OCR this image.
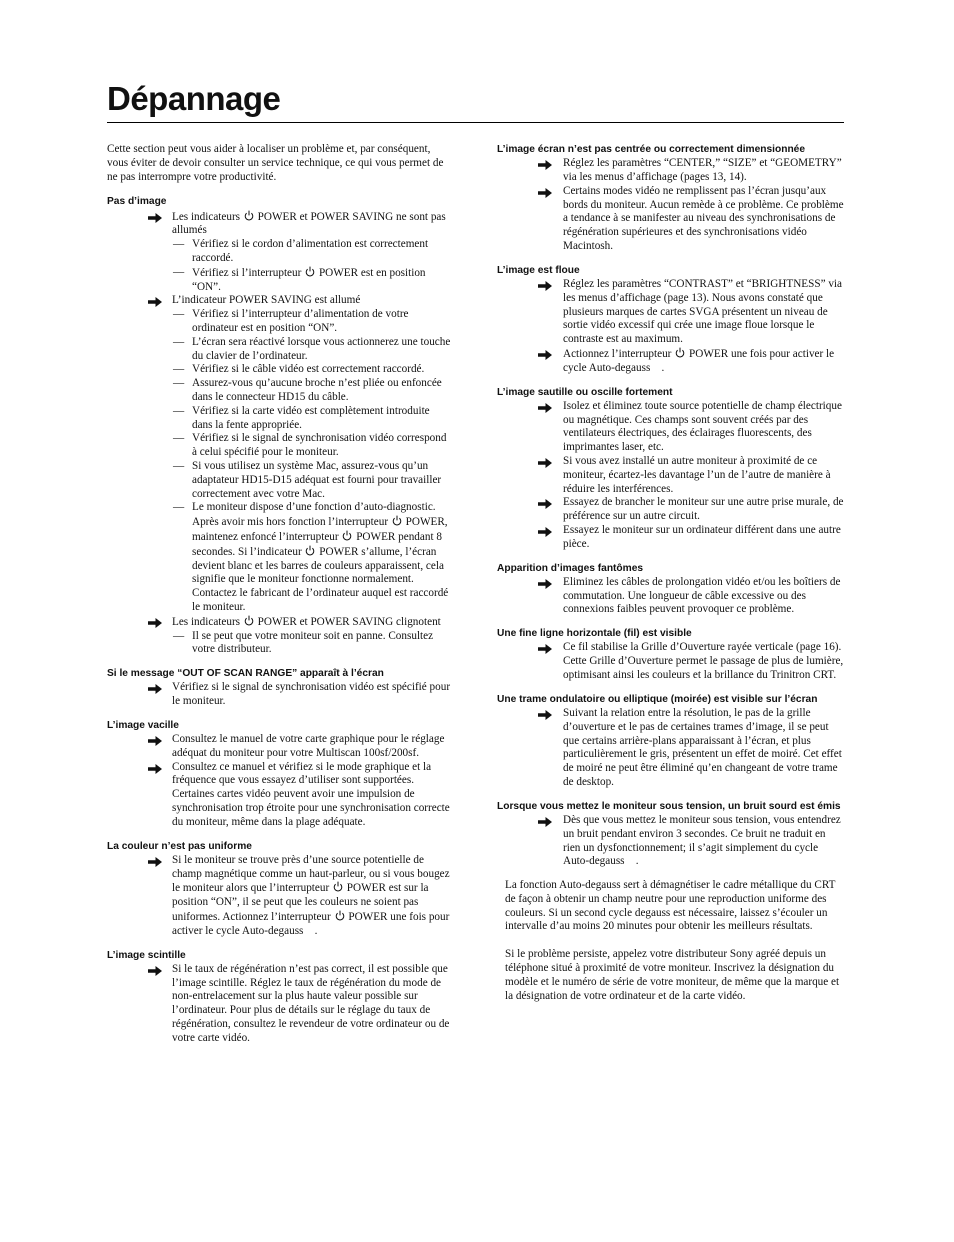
Dépannage

Cette section peut vous aider à localiser un problème et, par conséquent, vous éviter de devoir consulter un service technique, ce qui vous permet de ne pas interrompre votre productivité.

Pas d’image

Les indicateurs  POWER et POWER SAVING ne sont pas allumés

— Vérifiez si le cordon d’alimentation est correctement raccordé.

— Vérifiez si l’interrupteur  POWER est en position “ON”.

L’indicateur POWER SAVING est allumé

— Vérifiez si l’interrupteur d’alimentation de votre ordinateur est en position “ON”.

— L’écran sera réactivé lorsque vous actionnerez une touche du clavier de l’ordinateur.

— Vérifiez si le câble vidéo est correctement raccordé.

— Assurez-vous qu’aucune broche n’est pliée ou enfoncée dans le connecteur HD15 du câble.

— Vérifiez si la carte vidéo est complètement introduite dans la fente appropriée.

— Vérifiez si le signal de synchronisation vidéo correspond à celui spécifié pour le moniteur.

— Si vous utilisez un système Mac, assurez-vous qu’un adaptateur HD15-D15 adéquat est fourni pour travailler correctement avec votre Mac.

— Le moniteur dispose d’une fonction d’auto-diagnostic. Après avoir mis hors fonction l’interrupteur  POWER, maintenez enfoncé l’interrupteur  POWER pendant 8 secondes. Si l’indicateur  POWER s’allume, l’écran devient blanc et les barres de couleurs apparaissent, cela signifie que le moniteur fonctionne normalement. Contactez le fabricant de l’ordinateur auquel est raccordé le moniteur.

Les indicateurs  POWER et POWER SAVING clignotent

— Il se peut que votre moniteur soit en panne. Consultez votre distributeur.

Si le message “OUT OF SCAN RANGE” apparaît à l’écran

Vérifiez si le signal de synchronisation vidéo est spécifié pour le moniteur.

L’image vacille

Consultez le manuel de votre carte graphique pour le réglage adéquat du moniteur pour votre Multiscan 100sf/200sf.

Consultez ce manuel et vérifiez si le mode graphique et la fréquence que vous essayez d’utiliser sont supportées. Certaines cartes vidéo peuvent avoir une impulsion de synchronisation trop étroite pour une synchronisation correcte du moniteur, même dans la plage adéquate.

La couleur n’est pas uniforme

Si le moniteur se trouve près d’une source potentielle de champ magnétique comme un haut-parleur, ou si vous bougez le moniteur alors que l’interrupteur  POWER est sur la position “ON”, il se peut que les couleurs ne soient pas uniformes. Actionnez l’interrupteur  POWER une fois pour activer le cycle Auto-degauss .

L’image scintille

Si le taux de régénération n’est pas correct, il est possible que l’image scintille. Réglez le taux de régénération du mode de non-entrelacement sur la plus haute valeur possible sur l’ordinateur. Pour plus de détails sur le réglage du taux de régénération, consultez le revendeur de votre ordinateur ou de votre carte vidéo.

L’image écran n’est pas centrée ou correctement dimensionnée

Réglez les paramètres “CENTER,” “SIZE” et “GEOMETRY” via les menus d’affichage (pages 13, 14).

Certains modes vidéo ne remplissent pas l’écran jusqu’aux bords du moniteur. Aucun remède à ce problème. Ce problème a tendance à se manifester au niveau des synchronisations de régénération supérieures et des synchronisations vidéo Macintosh.

L’image est floue

Réglez les paramètres “CONTRAST” et “BRIGHTNESS” via les menus d’affichage (page 13). Nous avons constaté que plusieurs marques de cartes SVGA présentent un niveau de sortie vidéo excessif qui crée une image floue lorsque le contraste est au maximum.

Actionnez l’interrupteur  POWER une fois pour activer le cycle Auto-degauss .

L’image sautille ou oscille fortement

Isolez et éliminez toute source potentielle de champ électrique ou magnétique. Ces champs sont souvent créés par des ventilateurs électriques, des éclairages fluorescents, des imprimantes laser, etc.

Si vous avez installé un autre moniteur à proximité de ce moniteur, écartez-les davantage l’un de l’autre de manière à réduire les interférences.

Essayez de brancher le moniteur sur une autre prise murale, de préférence sur un autre circuit.

Essayez le moniteur sur un ordinateur différent dans une autre pièce.

Apparition d’images fantômes

Eliminez les câbles de prolongation vidéo et/ou les boîtiers de commutation. Une longueur de câble excessive ou des connexions faibles peuvent provoquer ce problème.

Une fine ligne horizontale (fil) est visible

Ce fil stabilise la Grille d’Ouverture rayée verticale (page 16). Cette Grille d’Ouverture permet le passage de plus de lumière, optimisant ainsi les couleurs et la brillance du Trinitron CRT.

Une trame ondulatoire ou elliptique (moirée) est visible sur l’écran

Suivant la relation entre la résolution, le pas de la grille d’ouverture et le pas de certaines trames d’image, il se peut que certains arrière-plans apparaissant à l’écran, et plus particulièrement le gris, présentent un effet de moiré. Cet effet de moiré ne peut être éliminé qu’en changeant de votre trame de desktop.

Lorsque vous mettez le moniteur sous tension, un bruit sourd est émis

Dès que vous mettez le moniteur sous tension, vous entendrez un bruit pendant environ 3 secondes. Ce bruit ne traduit en rien un dysfonctionnement; il s’agit simplement du cycle Auto-degauss .

La fonction Auto-degauss sert à démagnétiser le cadre métallique du CRT de façon à obtenir un champ neutre pour une reproduction uniforme des couleurs. Si un second cycle degauss est nécessaire, laissez s’écouler un intervalle d’au moins 20 minutes pour obtenir les meilleurs résultats.

Si le problème persiste, appelez votre distributeur Sony agréé depuis un téléphone situé à proximité de votre moniteur. Inscrivez la désignation du modèle et le numéro de série de votre moniteur, de même que la marque et la désignation de votre ordinateur et de la carte vidéo.
